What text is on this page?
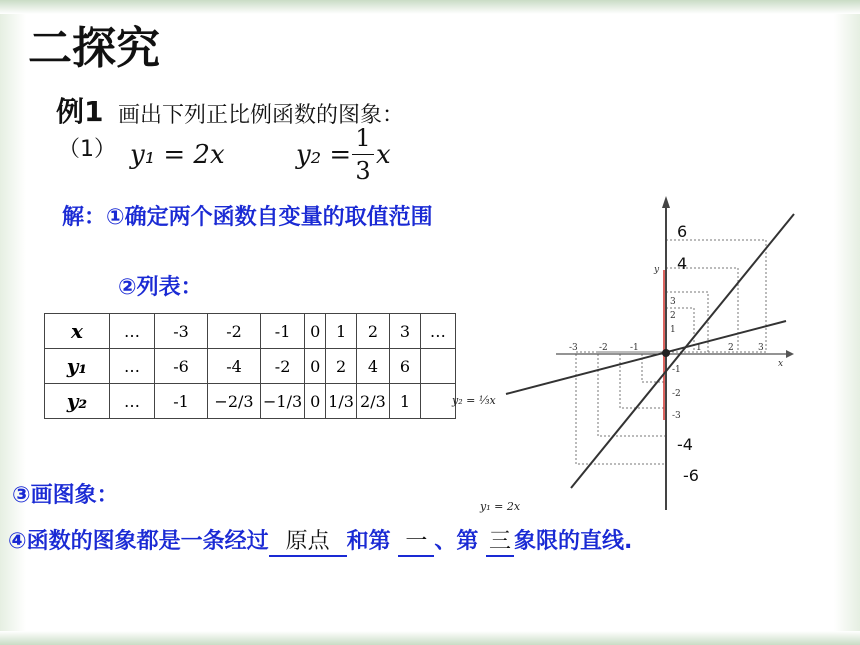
二探究
例1 画出下列正比例函数的图象：
（1） y₁ = 2x	y₂ =
1
3
x
解：①确定两个函数自变量的取值范围
②列表：
x	…	-3	-2	-1	0	1	2	3	…
y₁	…	-6	-4	-2	0	2	4	6	
y₂	…	-1	−2/3	−1/3	0	1/3	2/3	1	
③画图象：
④函数的图象都是一条经过 原点 和第 一 、第 三 象限的直线.
-3 -2 -1	1	2	3
x
3
2
1
-1
-2
-3
y
6
4
-4
-6
y₂ = ⅓x
y₁ = 2x
